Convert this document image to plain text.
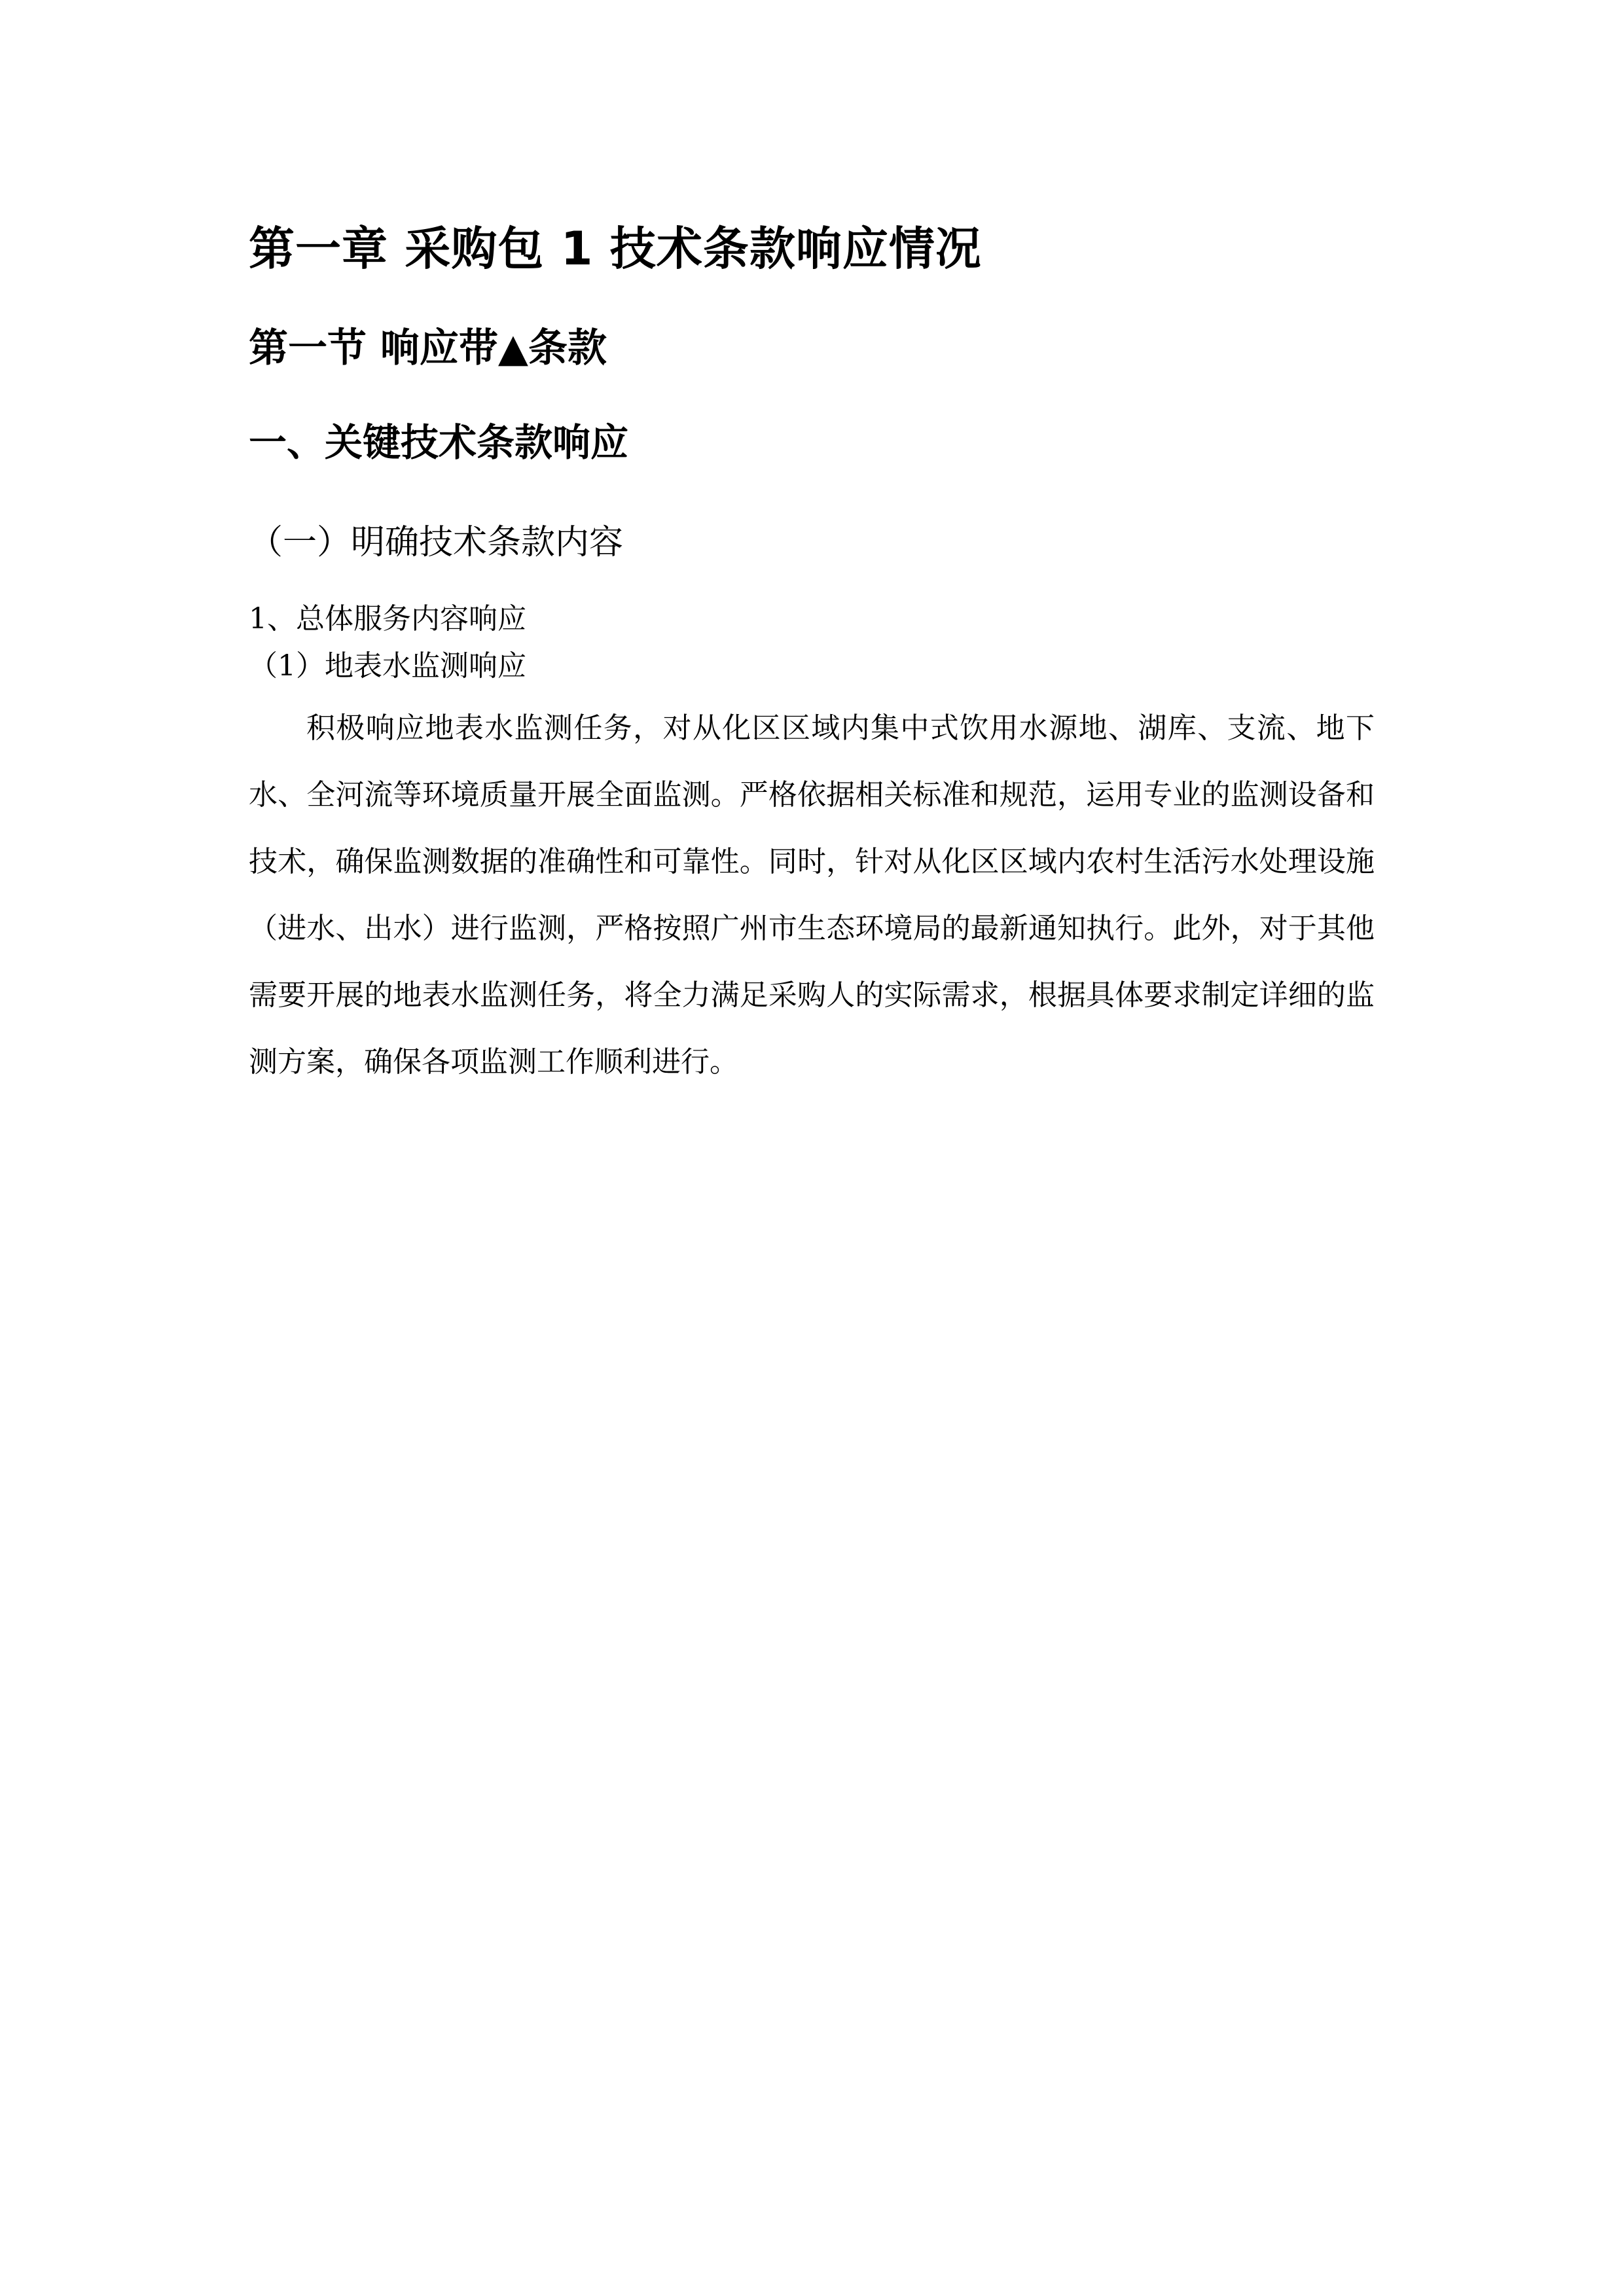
第一章 采购包 1 技术条款响应情况
第一节 响应带▲条款
一、关键技术条款响应
（一）明确技术条款内容
1、总体服务内容响应
（1）地表水监测响应

积极响应地表水监测任务，对从化区区域内集中式饮用水源地、湖库、支流、地下水、全河流等环境质量开展全面监测。严格依据相关标准和规范，运用专业的监测设备和技术，确保监测数据的准确性和可靠性。同时，针对从化区区域内农村生活污水处理设施（进水、出水）进行监测，严格按照广州市生态环境局的最新通知执行。此外，对于其他需要开展的地表水监测任务，将全力满足采购人的实际需求，根据具体要求制定详细的监测方案，确保各项监测工作顺利进行。
